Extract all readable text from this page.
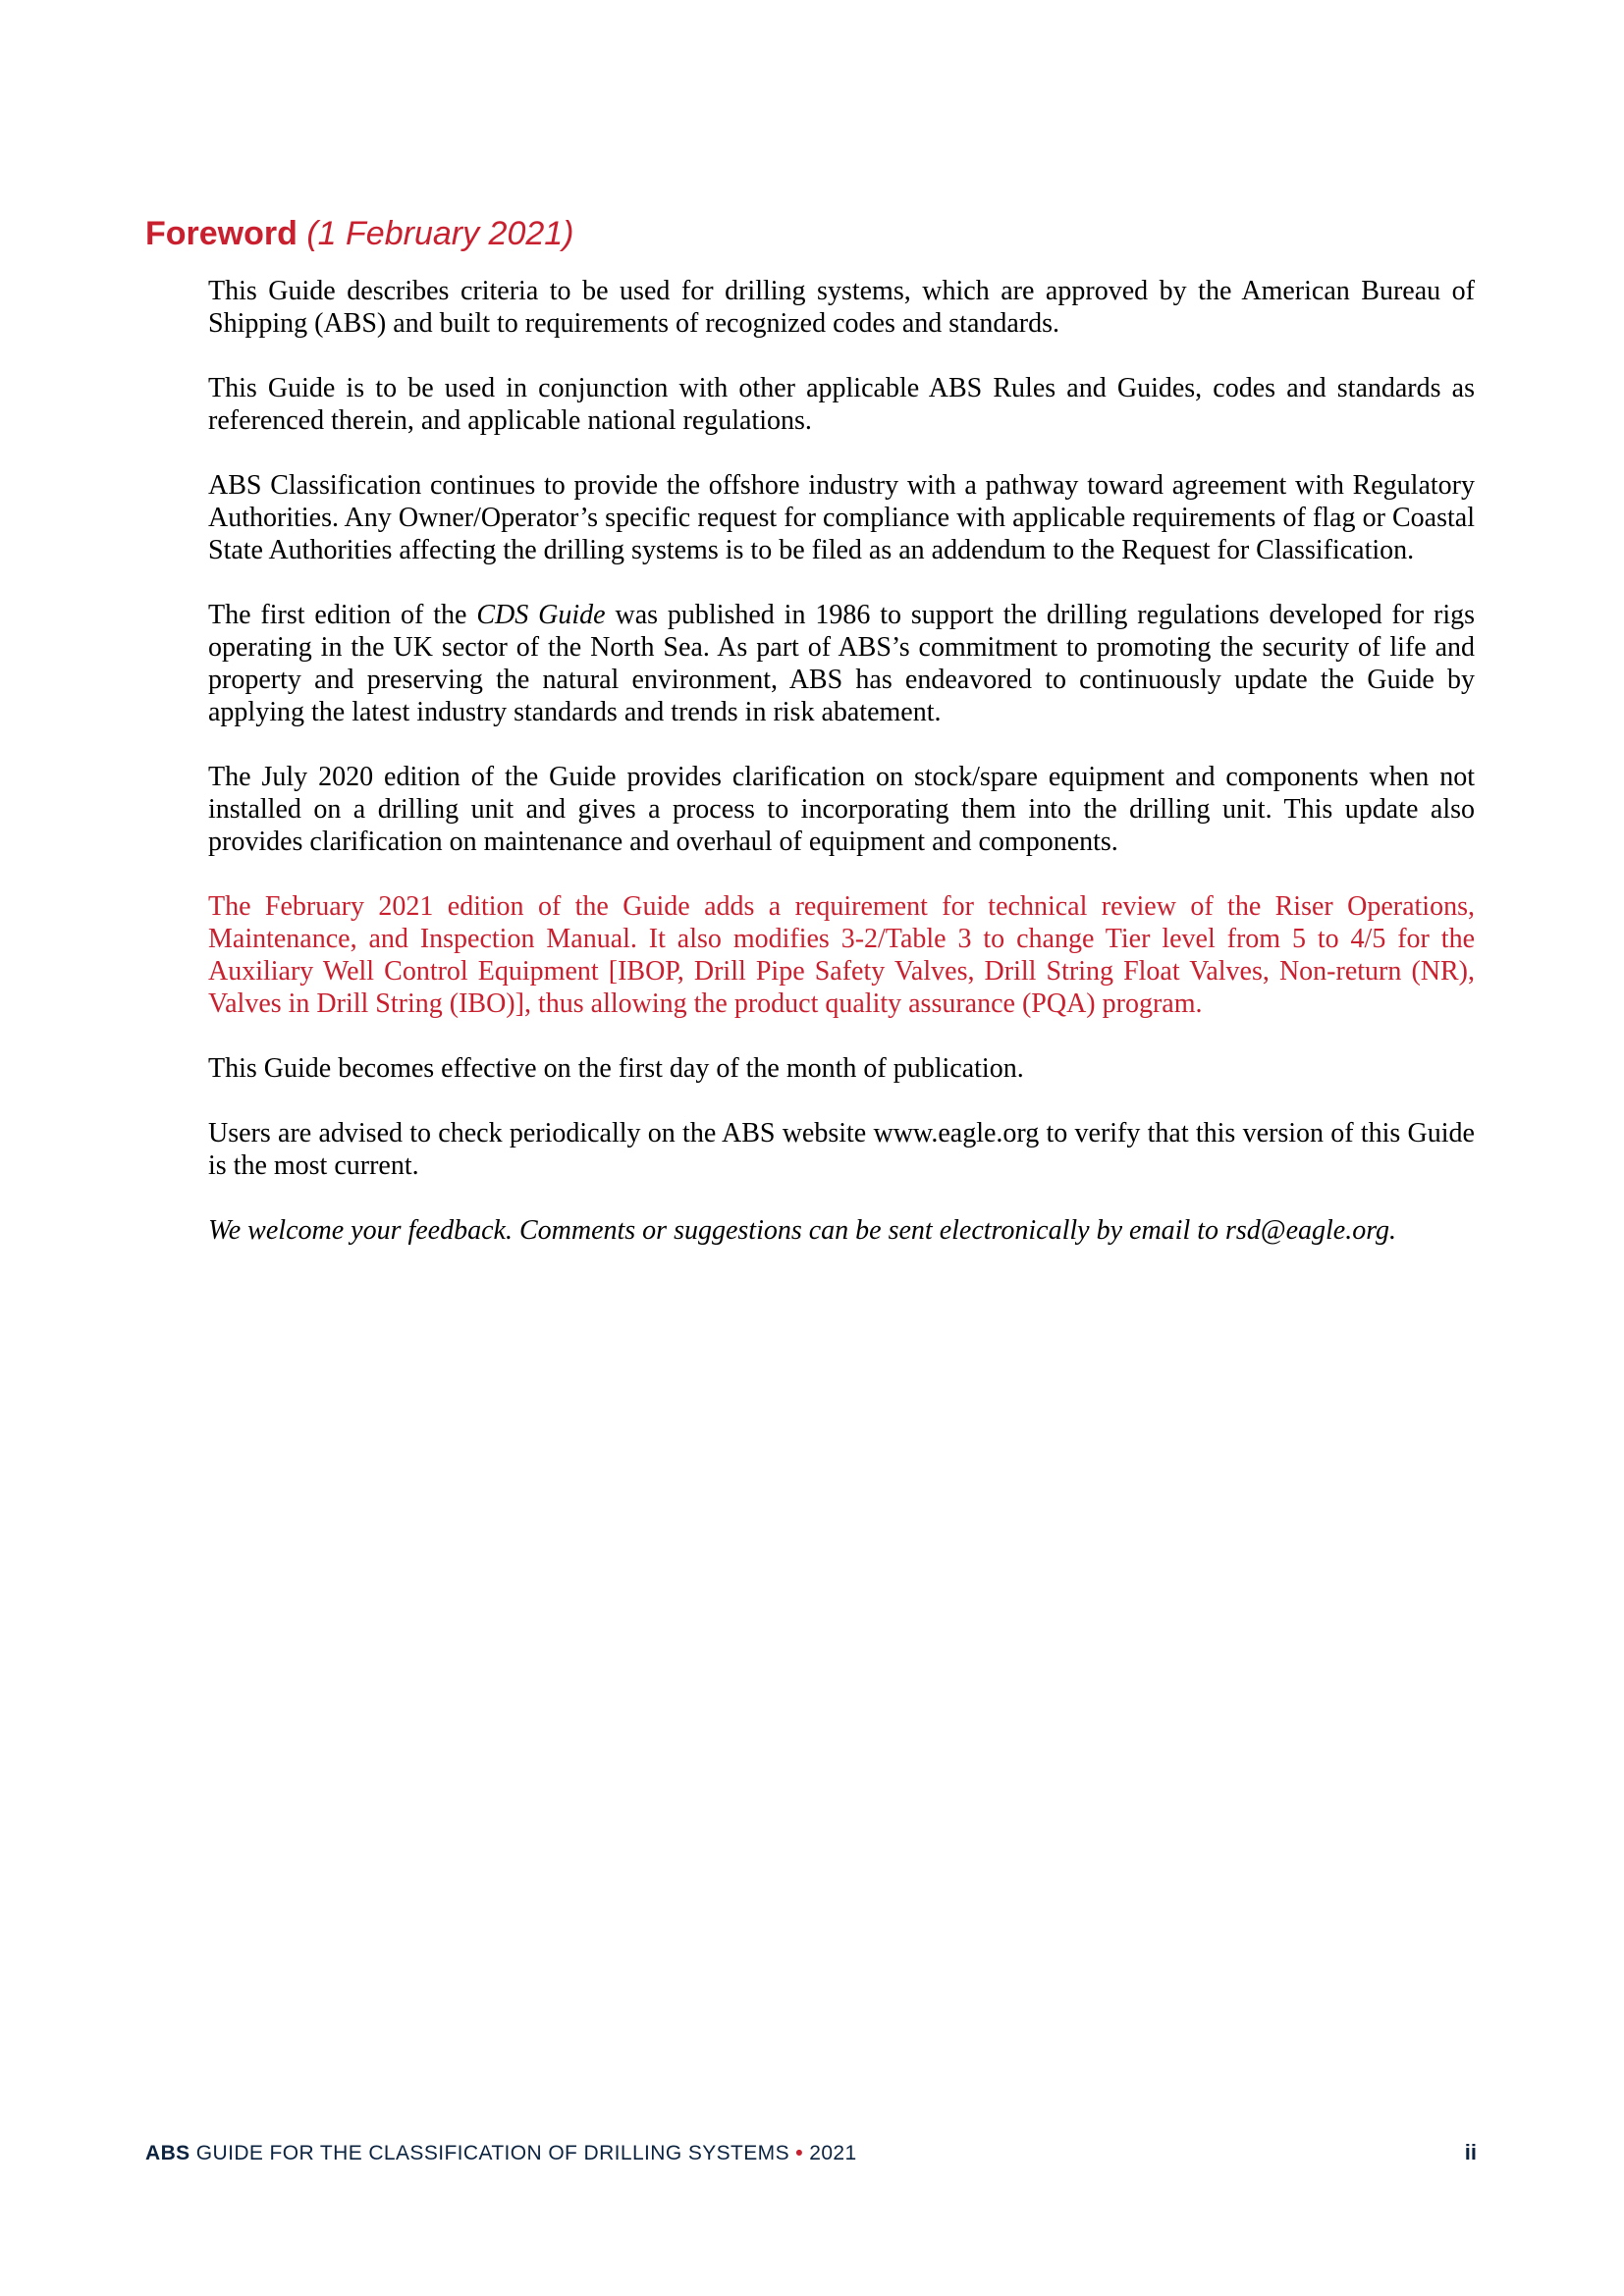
Foreword (1 February 2021)

This Guide describes criteria to be used for drilling systems, which are approved by the American Bureau of Shipping (ABS) and built to requirements of recognized codes and standards.

This Guide is to be used in conjunction with other applicable ABS Rules and Guides, codes and standards as referenced therein, and applicable national regulations.

ABS Classification continues to provide the offshore industry with a pathway toward agreement with Regulatory Authorities. Any Owner/Operator’s specific request for compliance with applicable requirements of flag or Coastal State Authorities affecting the drilling systems is to be filed as an addendum to the Request for Classification.

The first edition of the CDS Guide was published in 1986 to support the drilling regulations developed for rigs operating in the UK sector of the North Sea. As part of ABS’s commitment to promoting the security of life and property and preserving the natural environment, ABS has endeavored to continuously update the Guide by applying the latest industry standards and trends in risk abatement.

The July 2020 edition of the Guide provides clarification on stock/spare equipment and components when not installed on a drilling unit and gives a process to incorporating them into the drilling unit. This update also provides clarification on maintenance and overhaul of equipment and components.

The February 2021 edition of the Guide adds a requirement for technical review of the Riser Operations, Maintenance, and Inspection Manual. It also modifies 3-2/Table 3 to change Tier level from 5 to 4/5 for the Auxiliary Well Control Equipment [IBOP, Drill Pipe Safety Valves, Drill String Float Valves, Non-return (NR), Valves in Drill String (IBO)], thus allowing the product quality assurance (PQA) program.

This Guide becomes effective on the first day of the month of publication.

Users are advised to check periodically on the ABS website www.eagle.org to verify that this version of this Guide is the most current.

We welcome your feedback. Comments or suggestions can be sent electronically by email to rsd@eagle.org.

ABS GUIDE FOR THE CLASSIFICATION OF DRILLING SYSTEMS • 2021	ii
